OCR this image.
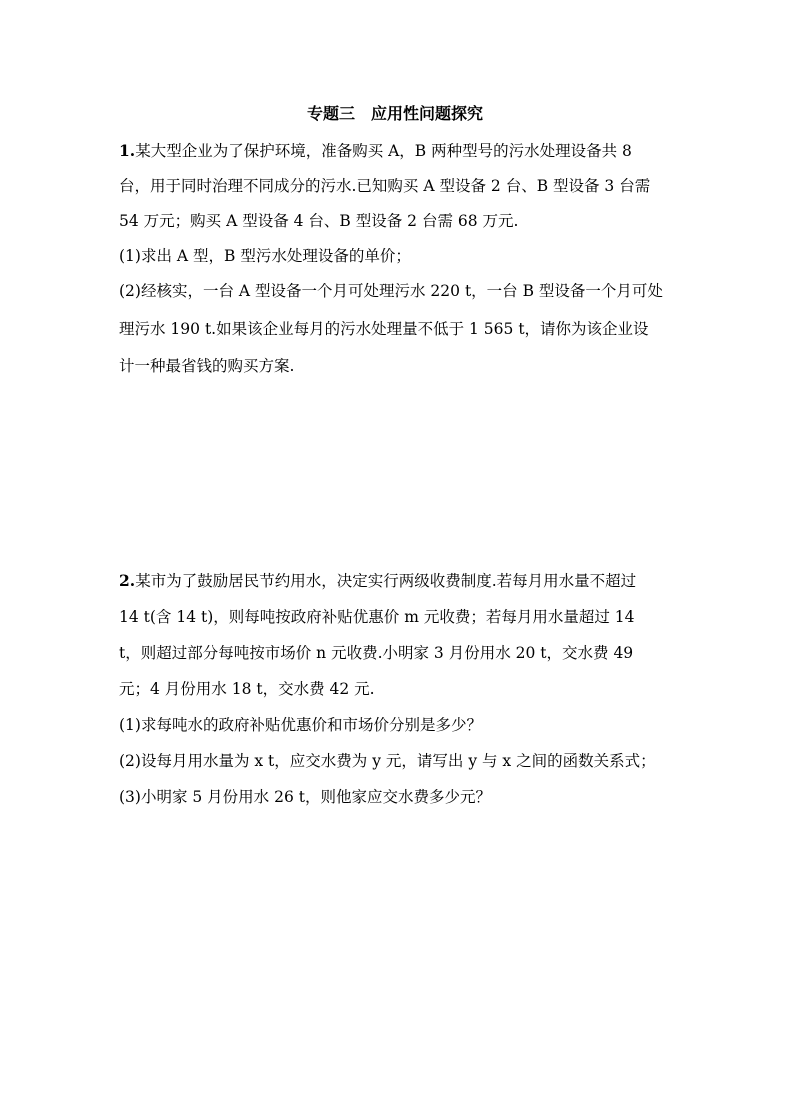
专题三　应用性问题探究
1.某大型企业为了保护环境，准备购买 A，B 两种型号的污水处理设备共 8
台，用于同时治理不同成分的污水.已知购买 A 型设备 2 台、B 型设备 3 台需
54 万元；购买 A 型设备 4 台、B 型设备 2 台需 68 万元.
(1)求出 A 型，B 型污水处理设备的单价；
(2)经核实，一台 A 型设备一个月可处理污水 220 t，一台 B 型设备一个月可处
理污水 190 t.如果该企业每月的污水处理量不低于 1 565 t，请你为该企业设
计一种最省钱的购买方案.
2.某市为了鼓励居民节约用水，决定实行两级收费制度.若每月用水量不超过
14 t(含 14 t)，则每吨按政府补贴优惠价 m 元收费；若每月用水量超过 14
t，则超过部分每吨按市场价 n 元收费.小明家 3 月份用水 20 t，交水费 49
元；4 月份用水 18 t，交水费 42 元.
(1)求每吨水的政府补贴优惠价和市场价分别是多少？
(2)设每月用水量为 x t，应交水费为 y 元，请写出 y 与 x 之间的函数关系式；
(3)小明家 5 月份用水 26 t，则他家应交水费多少元？
